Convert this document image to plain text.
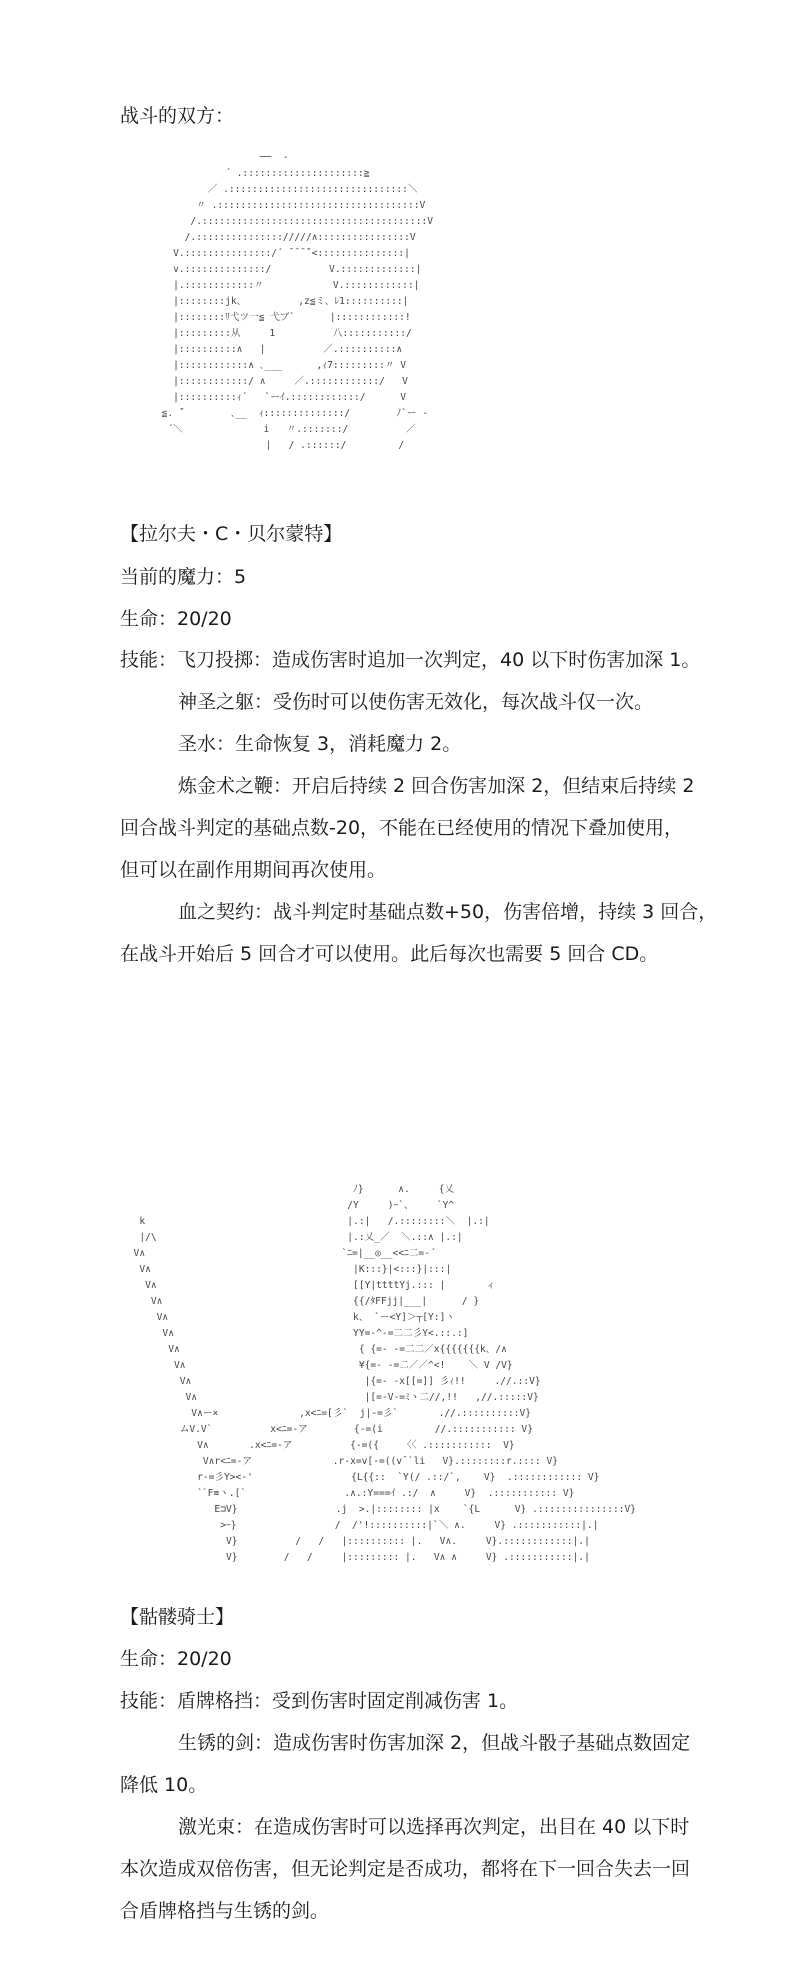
战斗的双方：

──  -
´ .:::::::::::::::::::::≧
／ .:::::::::::::::::::::::::::::::＼
〃 .:::::::::::::::::::::::::::::::::::V
/.:::::::::::::::::::::::::::::::::::::::V
/.::::::::::::::://///∧::::::::::::::::V
V.:::::::::::::::/´ ̄ ̄ ̄ ̄`<:::::::::::::::|
v.::::::::::::::/          V.:::::::::::::|
|.::::::::::::〃            V.::::::::::::|
|::::::::jk、         ,z≦ミ、ﾚ1::::::::::|
|::::::::ﾘ弋ツ一≦ 弋ブ`      |::::::::::::!
|:::::::::从     1          八:::::::::::/
|::::::::::∧   |          ／.::::::::::∧
|::::::::::::∧ ､___      ,ｨ7:::::::::〃 V
|::::::::::::/ ∧     ／.::::::::::::/   V
|::::::::::ｨ´   `ーｲ.::::::::::::/      V
≦. ̄´        ､__  ｨ::::::::::::::/        ﾉ`ー -
´＼              i   〃.:::::::/          ／
|   / .::::::/         /

【拉尔夫・C・贝尔蒙特】

当前的魔力：5

生命：20/20

技能：飞刀投掷：造成伤害时追加一次判定，40 以下时伤害加深 1。

神圣之躯：受伤时可以使伤害无效化，每次战斗仅一次。

圣水：生命恢复 3，消耗魔力 2。

炼金术之鞭：开启后持续 2 回合伤害加深 2，但结束后持续 2

回合战斗判定的基础点数-20，不能在已经使用的情况下叠加使用，

但可以在副作用期间再次使用。

血之契约：战斗判定时基础点数+50，伤害倍增，持续 3 回合，

在战斗开始后 5 回合才可以使用。此后每次也需要 5 回合 CD。

ﾉ}      ∧.     {乂
/Y     )ｰ`、    `Y^
k                                   |.:|   /.::::::::＼  |.:|
|/\                                 |.:乂_／  ＼.::∧ |.:|
V∧                                  `ﾆ=|__◎__<<ﾆ二=-´
V∧                                   |K:::}|<:::}|:::|
V∧                                  [[Y|ttttYj.::: |       ィ
V∧                                 {{/ﾀFFjj|___|      / }
V∧                                k、 `ー<Y]＞┬[Y:]ヽ
V∧                               YY=-^-=二二彡Y<.::.:]
V∧                               { {=- -=二二／x{{{{{{{k、/∧
V∧                              ¥{=- -=二／／^<!    ＼ V /V}
V∧                              |{=- -x[[=]] 彡ｨ!!     .//.::V}
V∧                             |[=-V-=ﾐヽ二//,!!   ,//.:::::V}
V∧ー×              ,x<ﾆ=[彡`  j|-=彡`       .//.::::::::::V}
ムV.V`          x<ﾆ=-ア        {-=(i         //.::::::::::: V}
V∧       .x<ﾆ=-ア          {-=({    〈〈 .:::::::::::  V}
V∧r<ﾆ=-ア              .r-x=v[-=((v¯`li   V}.::::::::r.:::: V}
r-=彡Y><-'                 {L{{::  `Y(/ .::/`,    V}  .:::::::::::: V}
`ﾞF≡ヽ.[`                 .∧.:Y===ｲ .:/  ∧     V}  .::::::::::: V}
E⊐V}                 .j  >.|:::::::: |x    `{L      V} .:::::::::::::::V}
>ｰ}                 /  /'!::::::::::|`＼ ∧.     V} .:::::::::::|.|
V}          /   /   |:::::::::: |.   V∧.     V}.::::::::::::|.|
V}        /   /     |::::::::: |.   V∧ ∧     V} .:::::::::::|.|

【骷髅骑士】

生命：20/20

技能：盾牌格挡：受到伤害时固定削减伤害 1。

生锈的剑：造成伤害时伤害加深 2，但战斗骰子基础点数固定

降低 10。

激光束：在造成伤害时可以选择再次判定，出目在 40 以下时

本次造成双倍伤害，但无论判定是否成功，都将在下一回合失去一回

合盾牌格挡与生锈的剑。
